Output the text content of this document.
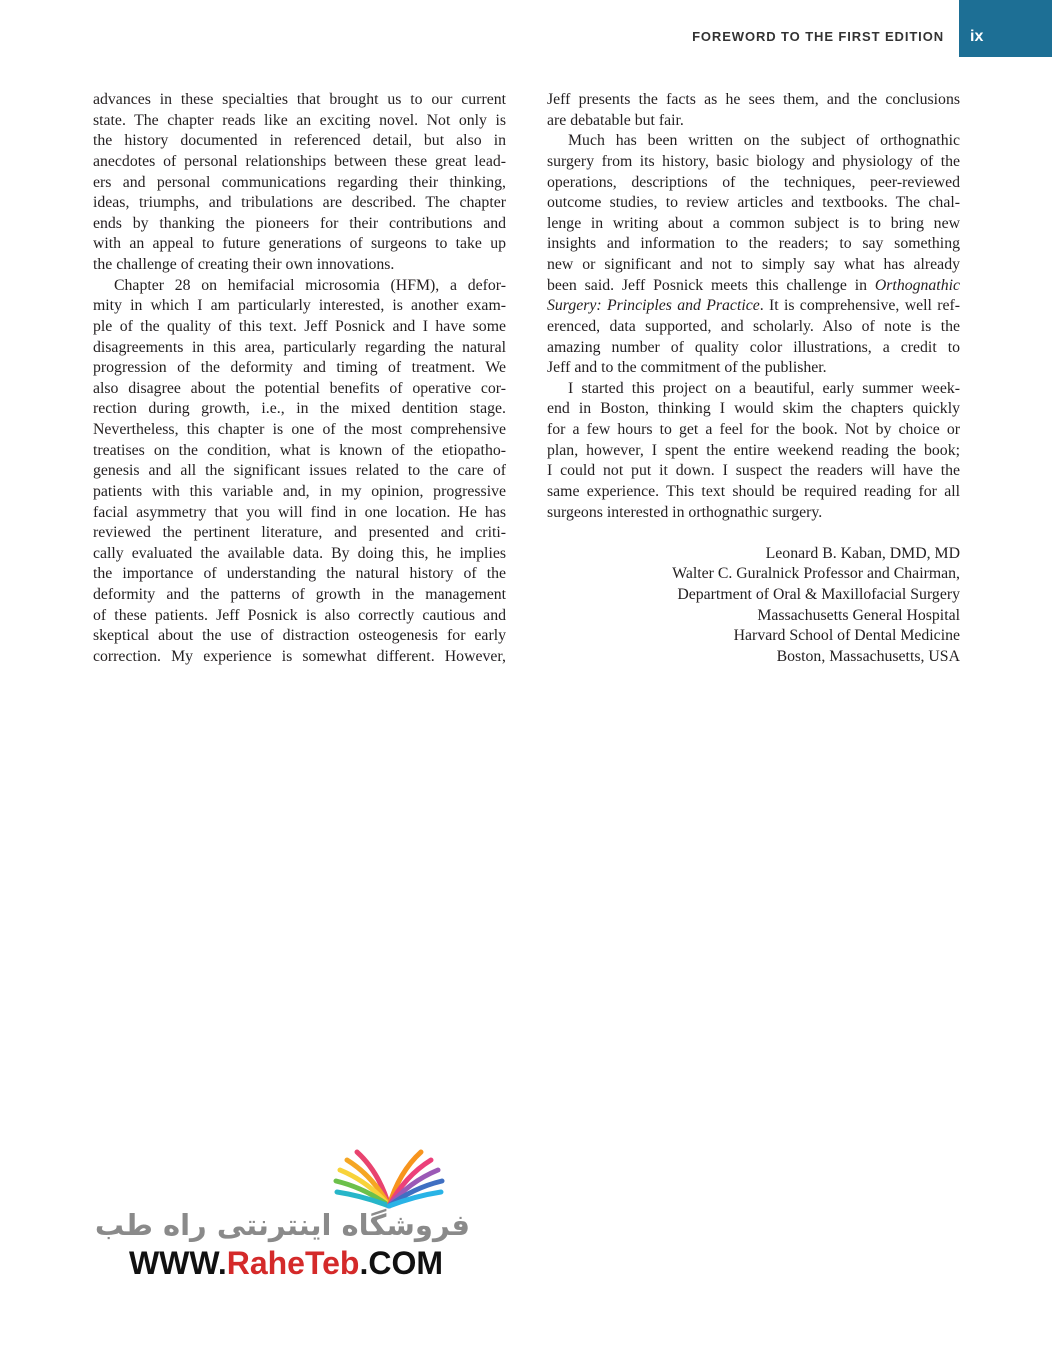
FOREWORD TO THE FIRST EDITION ix
advances in these specialties that brought us to our current
state. The chapter reads like an exciting novel. Not only is
the history documented in referenced detail, but also in
anecdotes of personal relationships between these great lead-
ers and personal communications regarding their thinking,
ideas, triumphs, and tribulations are described. The chapter
ends by thanking the pioneers for their contributions and
with an appeal to future generations of surgeons to take up
the challenge of creating their own innovations.
Chapter 28 on hemifacial microsomia (HFM), a defor-
mity in which I am particularly interested, is another exam-
ple of the quality of this text. Jeff Posnick and I have some
disagreements in this area, particularly regarding the natural
progression of the deformity and timing of treatment. We
also disagree about the potential benefits of operative cor-
rection during growth, i.e., in the mixed dentition stage.
Nevertheless, this chapter is one of the most comprehensive
treatises on the condition, what is known of the etiopatho-
genesis and all the significant issues related to the care of
patients with this variable and, in my opinion, progressive
facial asymmetry that you will find in one location. He has
reviewed the pertinent literature, and presented and criti-
cally evaluated the available data. By doing this, he implies
the importance of understanding the natural history of the
deformity and the patterns of growth in the management
of these patients. Jeff Posnick is also correctly cautious and
skeptical about the use of distraction osteogenesis for early
correction. My experience is somewhat different. However,
Jeff presents the facts as he sees them, and the conclusions
are debatable but fair.
Much has been written on the subject of orthognathic
surgery from its history, basic biology and physiology of the
operations, descriptions of the techniques, peer-reviewed
outcome studies, to review articles and textbooks. The chal-
lenge in writing about a common subject is to bring new
insights and information to the readers; to say something
new or significant and not to simply say what has already
been said. Jeff Posnick meets this challenge in Orthognathic
Surgery: Principles and Practice. It is comprehensive, well ref-
erenced, data supported, and scholarly. Also of note is the
amazing number of quality color illustrations, a credit to
Jeff and to the commitment of the publisher.
I started this project on a beautiful, early summer week-
end in Boston, thinking I would skim the chapters quickly
for a few hours to get a feel for the book. Not by choice or
plan, however, I spent the entire weekend reading the book;
I could not put it down. I suspect the readers will have the
same experience. This text should be required reading for all
surgeons interested in orthognathic surgery.
Leonard B. Kaban, DMD, MD
Walter C. Guralnick Professor and Chairman,
Department of Oral & Maxillofacial Surgery
Massachusetts General Hospital
Harvard School of Dental Medicine
Boston, Massachusetts, USA
فروشگاه اینترنتی راه طب
WWW.RaheTeb.COM
